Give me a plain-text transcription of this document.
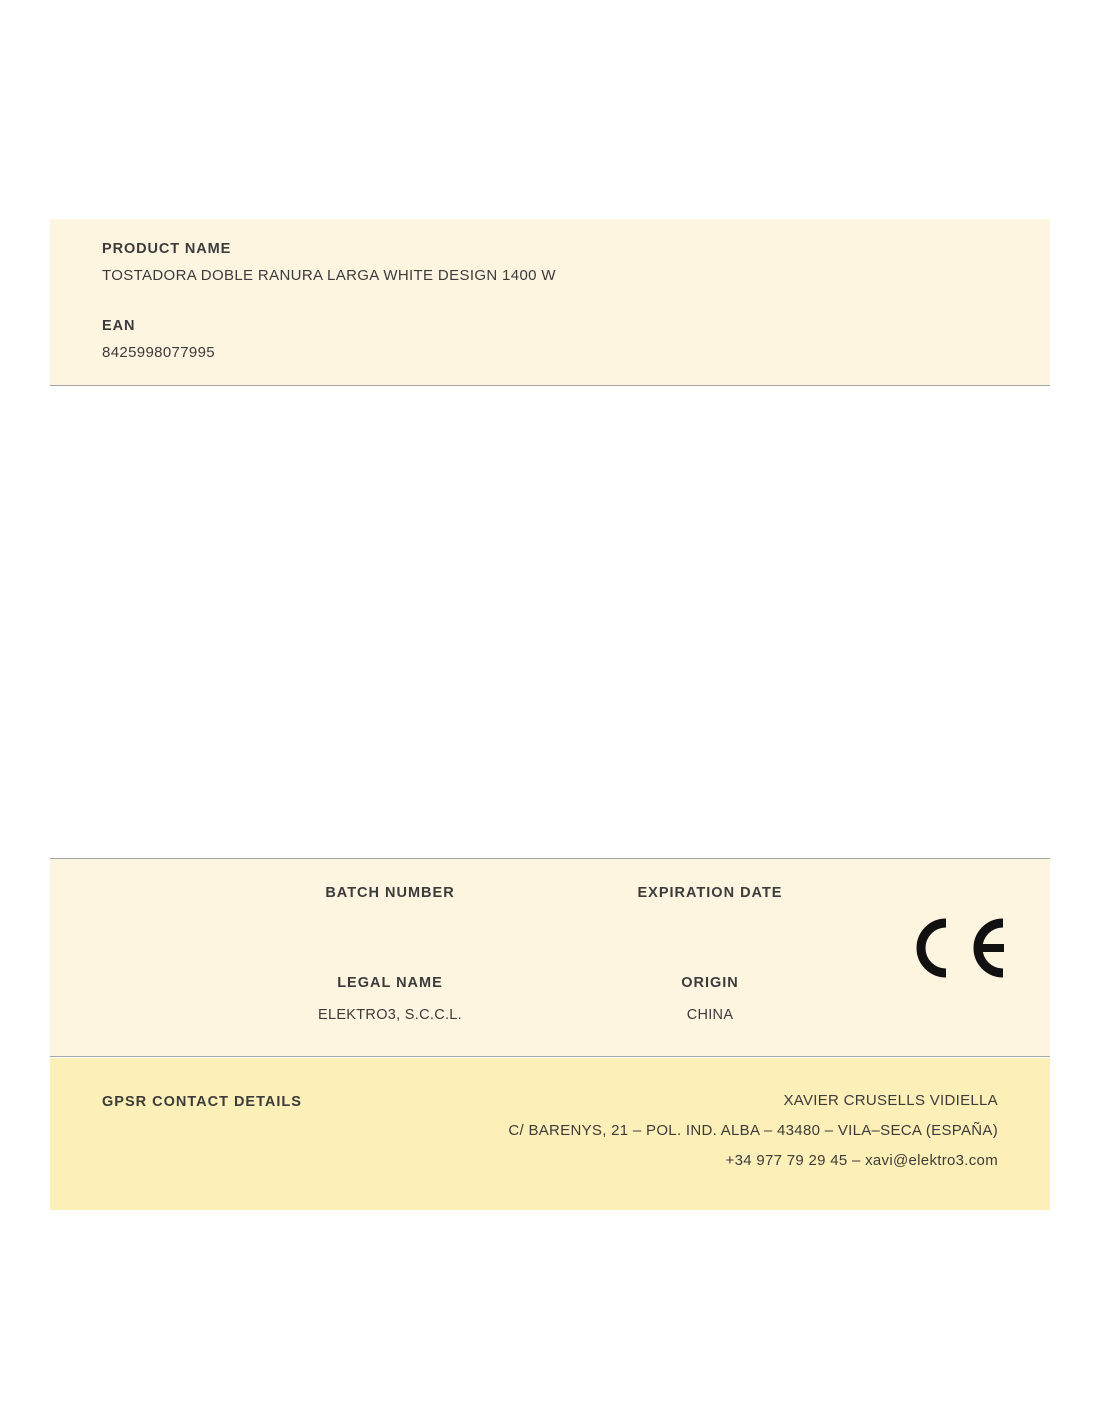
PRODUCT NAME

TOSTADORA DOBLE RANURA LARGA WHITE DESIGN 1400 W

EAN

8425998077995

BATCH NUMBER	EXPIRATION DATE

LEGAL NAME

ELEKTRO3, S.C.C.L.

ORIGIN

CHINA

GPSR CONTACT DETAILS	XAVIER CRUSELLS VIDIELLA

C/ BARENYS, 21 – POL. IND. ALBA – 43480 – VILA–SECA (ESPAÑA)

+34 977 79 29 45 – xavi@elektro3.com
